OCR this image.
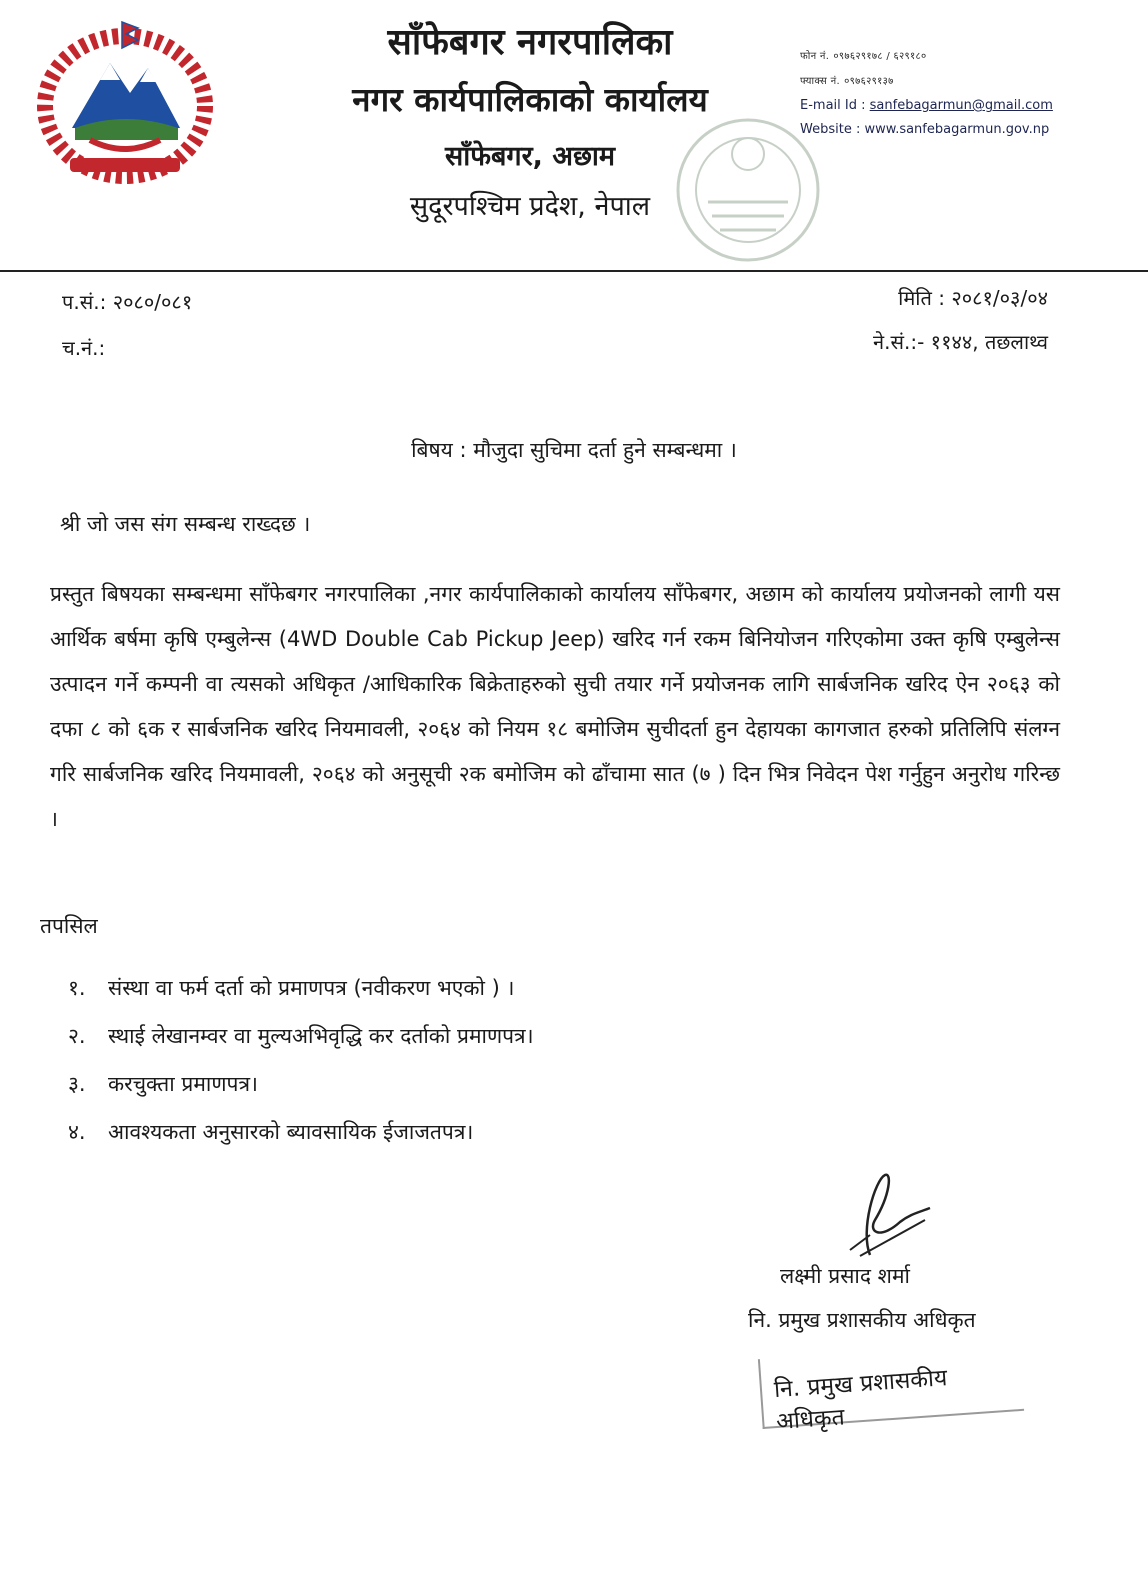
साँफेबगर नगरपालिका
नगर कार्यपालिकाको कार्यालय
साँफेबगर, अछाम
सुदूरपश्चिम प्रदेश, नेपाल
फोन नं. ०९७६२९१७८ / ६२९१८०
फ्याक्स नं. ०९७६२९१३७
E-mail Id : sanfebagarmun@gmail.com
Website : www.sanfebagarmun.gov.np
प.सं.: २०८०/०८१
च.नं.:
मिति : २०८१/०३/०४
ने.सं.:- ११४४, तछलाथ्व
बिषय : मौजुदा सुचिमा दर्ता हुने सम्बन्धमा ।
श्री जो जस संग सम्बन्ध राख्दछ ।
प्रस्तुत बिषयका सम्बन्धमा साँफेबगर नगरपालिका ,नगर कार्यपालिकाको कार्यालय साँफेबगर, अछाम को कार्यालय प्रयोजनको लागी यस आर्थिक बर्षमा कृषि एम्बुलेन्स (4WD Double Cab Pickup Jeep) खरिद गर्न रकम बिनियोजन गरिएकोमा उक्त कृषि एम्बुलेन्स उत्पादन गर्ने कम्पनी वा त्यसको अधिकृत /आधिकारिक बिक्रेताहरुको सुची तयार गर्ने प्रयोजनक लागि सार्बजनिक खरिद ऐन २०६३ को दफा ८ को ६क र सार्बजनिक खरिद नियमावली, २०६४ को नियम १८ बमोजिम सुचीदर्ता हुन देहायका कागजात हरुको प्रतिलिपि संलग्न गरि सार्बजनिक खरिद नियमावली, २०६४ को अनुसूची २क बमोजिम को ढाँचामा सात (७ ) दिन भित्र निवेदन पेश गर्नुहुन अनुरोध गरिन्छ ।
तपसिल
१.	संस्था वा फर्म दर्ता को प्रमाणपत्र (नवीकरण भएको ) ।
२.	स्थाई लेखानम्वर वा मुल्यअभिवृद्धि कर दर्ताको प्रमाणपत्र।
३.	करचुक्ता प्रमाणपत्र।
४.	आवश्यकता अनुसारको ब्यावसायिक ईजाजतपत्र।
लक्ष्मी प्रसाद शर्मा
नि. प्रमुख प्रशासकीय अधिकृत
नि. प्रमुख प्रशासकीय अधिकृत
